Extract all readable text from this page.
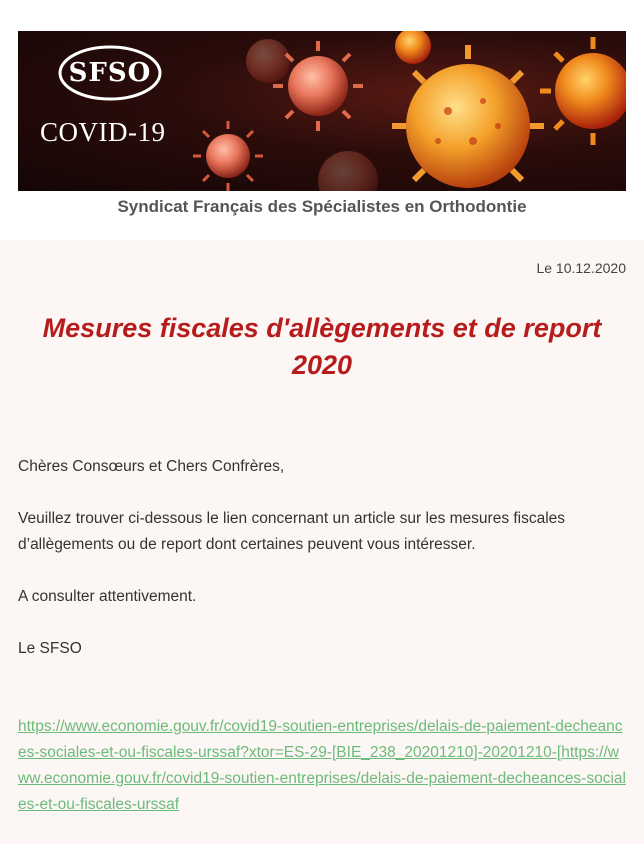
SFSO
COVID-19
Syndicat Français des Spécialistes en Orthodontie
Le 10.12.2020
Mesures fiscales d'allègements et de report 2020

Chères Consœurs et Chers Confrères,

Veuillez trouver ci-dessous le lien concernant un article sur les mesures fiscales d’allègements ou de report dont certaines peuvent vous intéresser.

A consulter attentivement.

Le SFSO

https://www.economie.gouv.fr/covid19-soutien-entreprises/delais-de-paiement-decheances-sociales-et-ou-fiscales-urssaf?xtor=ES-29-[BIE_238_20201210]-20201210-[https://www.economie.gouv.fr/covid19-soutien-entreprises/delais-de-paiement-decheances-sociales-et-ou-fiscales-urssaf
